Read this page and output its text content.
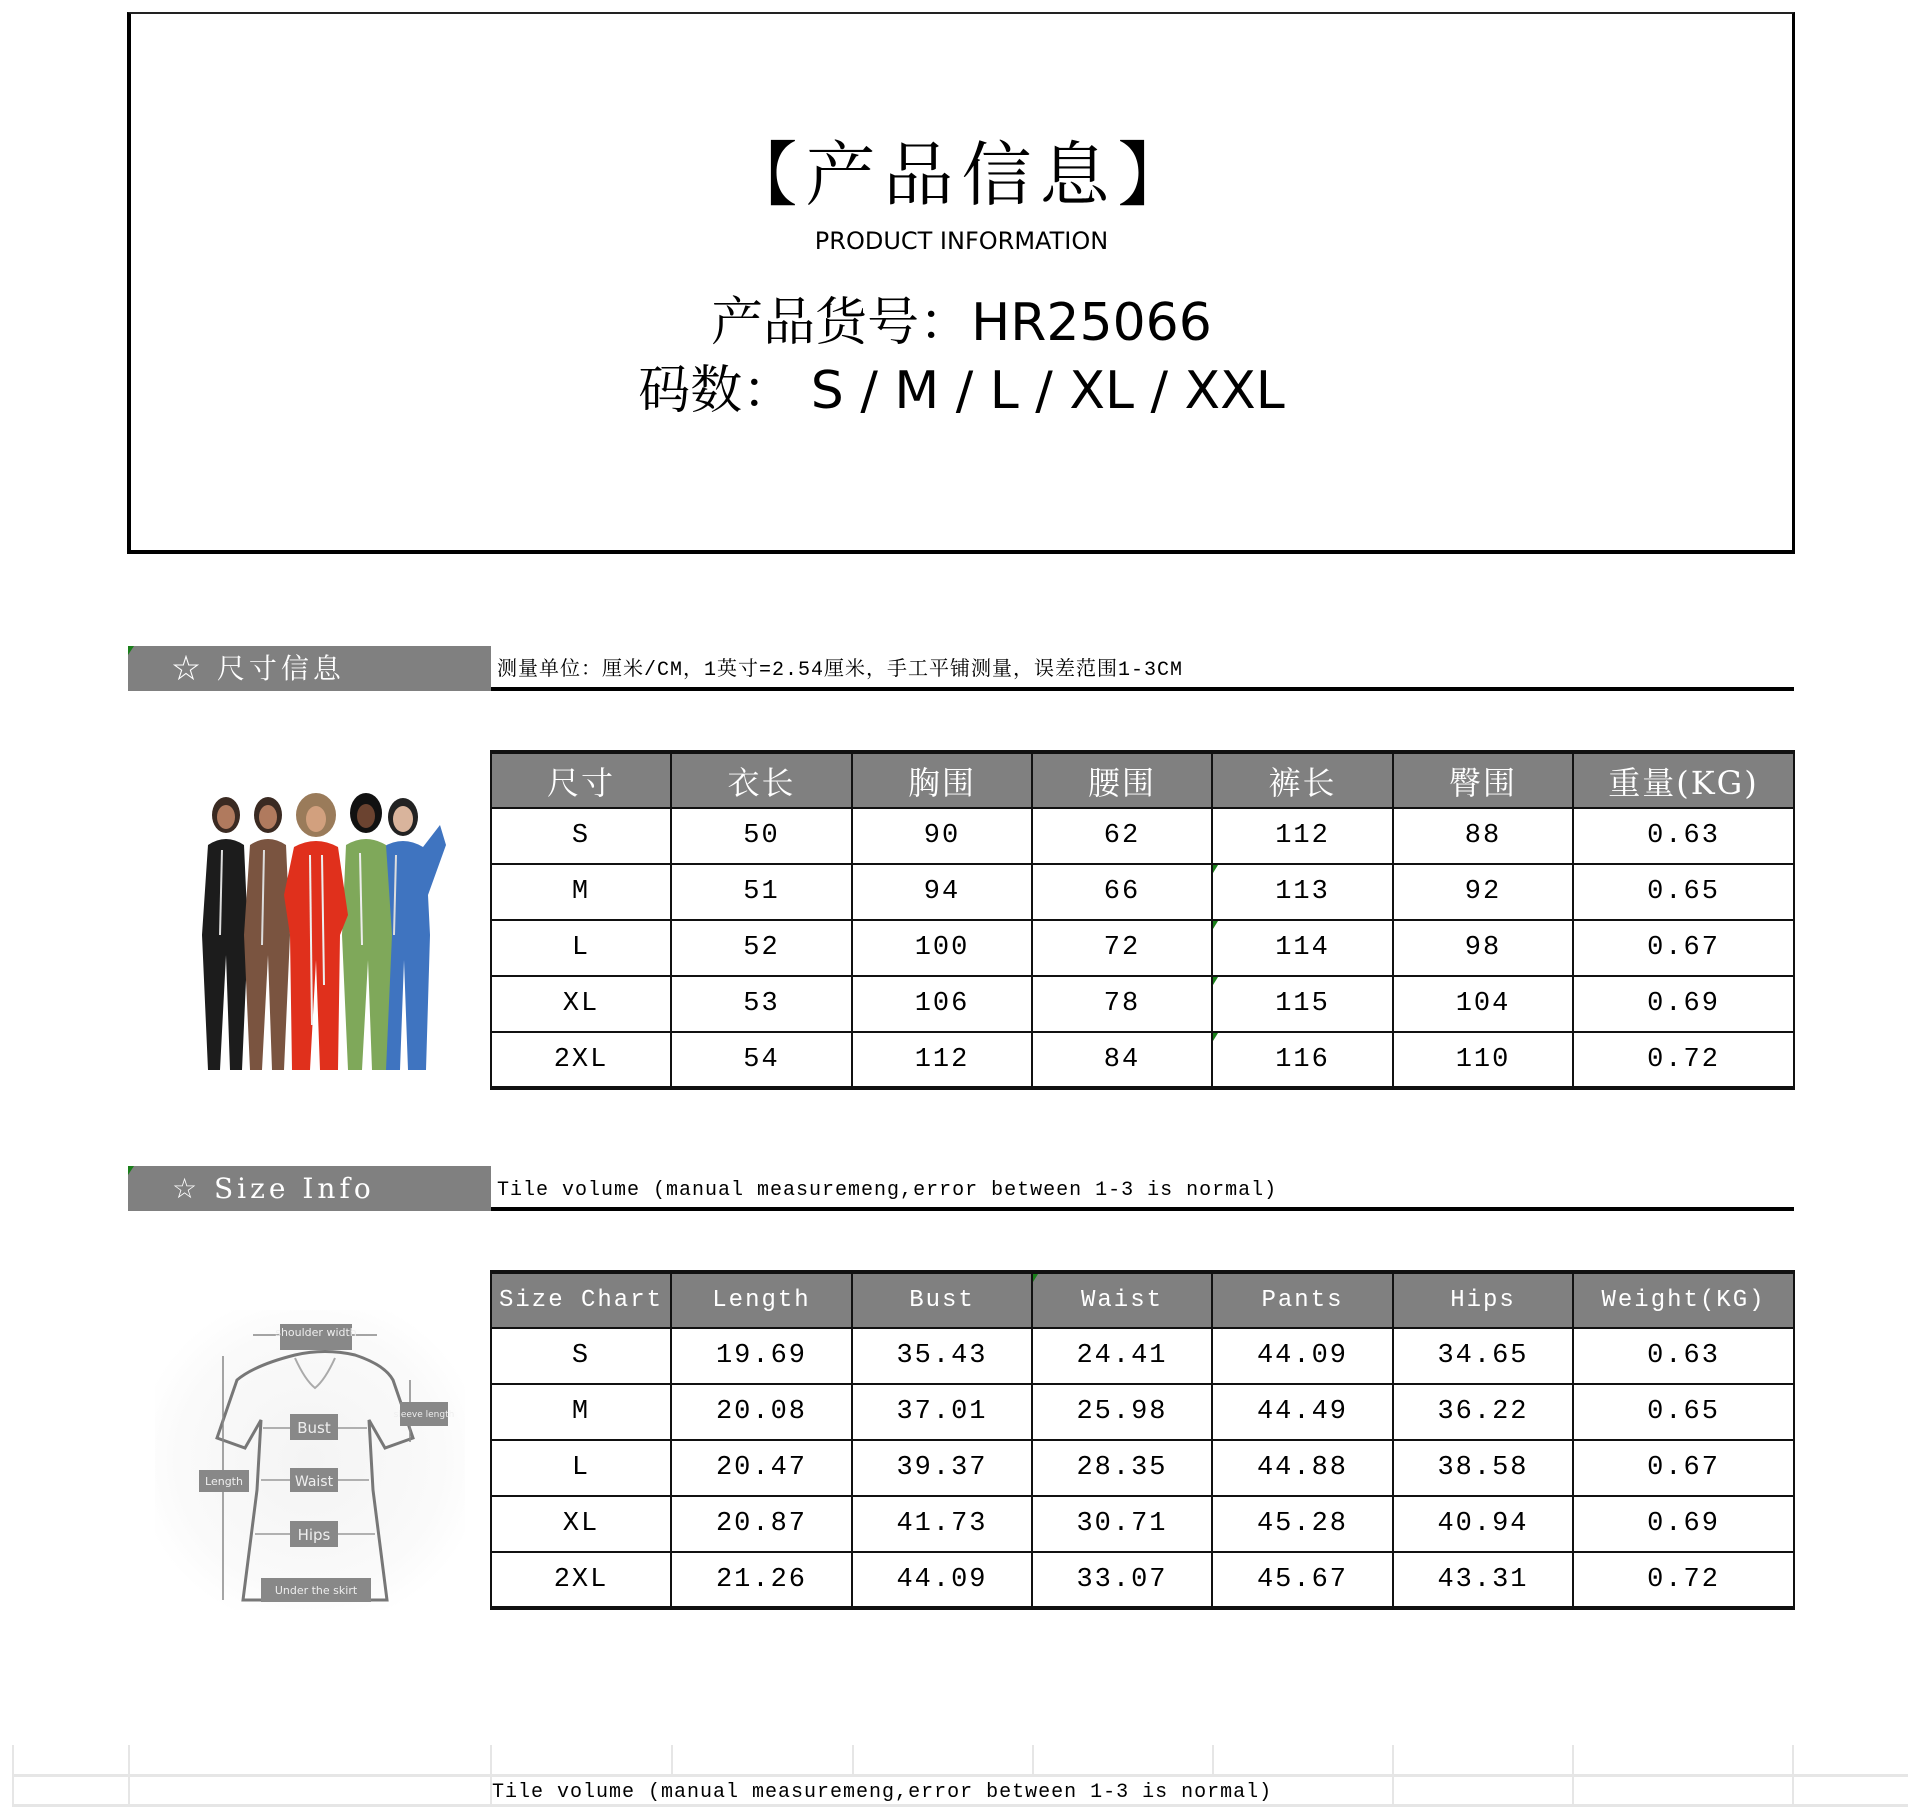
【产品信息】
PRODUCT INFORMATION
产品货号：HR25066
码数： S / M / L / XL / XXL
☆ 尺寸信息	测量单位：厘米/CM，1英寸=2.54厘米，手工平铺测量，误差范围1-3CM
尺寸	衣长	胸围	腰围	裤长	臀围	重量(KG)
S	50	90	62	112	88	0.63
M	51	94	66	113	92	0.65
L	52	100	72	114	98	0.67
XL	53	106	78	115	104	0.69
2XL	54	112	84	116	110	0.72
☆ Size Info	Tile volume (manual measuremeng,error between 1-3 is normal)
shoulder width
sleeve length
Length
Bust
Waist
Hips
Under the skirt
Size Chart	Length	Bust	Waist	Pants	Hips	Weight(KG)
S	19.69	35.43	24.41	44.09	34.65	0.63
M	20.08	37.01	25.98	44.49	36.22	0.65
L	20.47	39.37	28.35	44.88	38.58	0.67
XL	20.87	41.73	30.71	45.28	40.94	0.69
2XL	21.26	44.09	33.07	45.67	43.31	0.72
Tile volume (manual measuremeng,error between 1-3 is normal)
